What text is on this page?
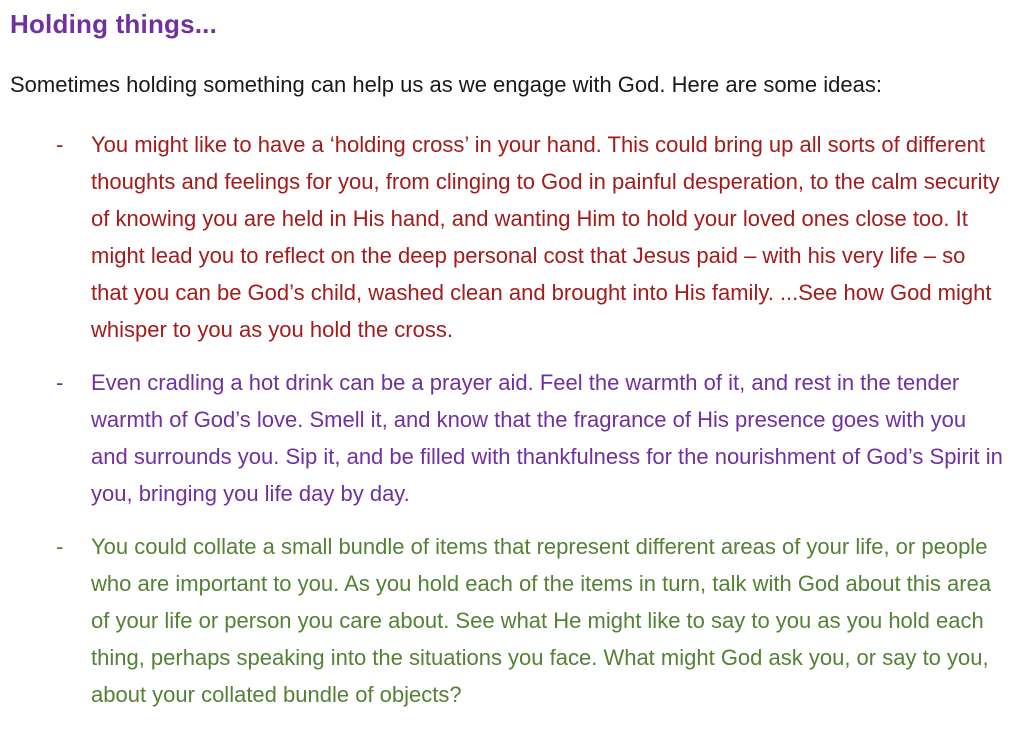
Holding things...

Sometimes holding something can help us as we engage with God. Here are some ideas:

-	You might like to have a ‘holding cross’ in your hand. This could bring up all sorts of different thoughts and feelings for you, from clinging to God in painful desperation, to the calm security of knowing you are held in His hand, and wanting Him to hold your loved ones close too. It might lead you to reflect on the deep personal cost that Jesus paid – with his very life – so that you can be God’s child, washed clean and brought into His family. ...See how God might whisper to you as you hold the cross.

-	Even cradling a hot drink can be a prayer aid. Feel the warmth of it, and rest in the tender warmth of God’s love. Smell it, and know that the fragrance of His presence goes with you and surrounds you. Sip it, and be filled with thankfulness for the nourishment of God’s Spirit in you, bringing you life day by day.

-	You could collate a small bundle of items that represent different areas of your life, or people who are important to you. As you hold each of the items in turn, talk with God about this area of your life or person you care about. See what He might like to say to you as you hold each thing, perhaps speaking into the situations you face. What might God ask you, or say to you, about your collated bundle of objects?
